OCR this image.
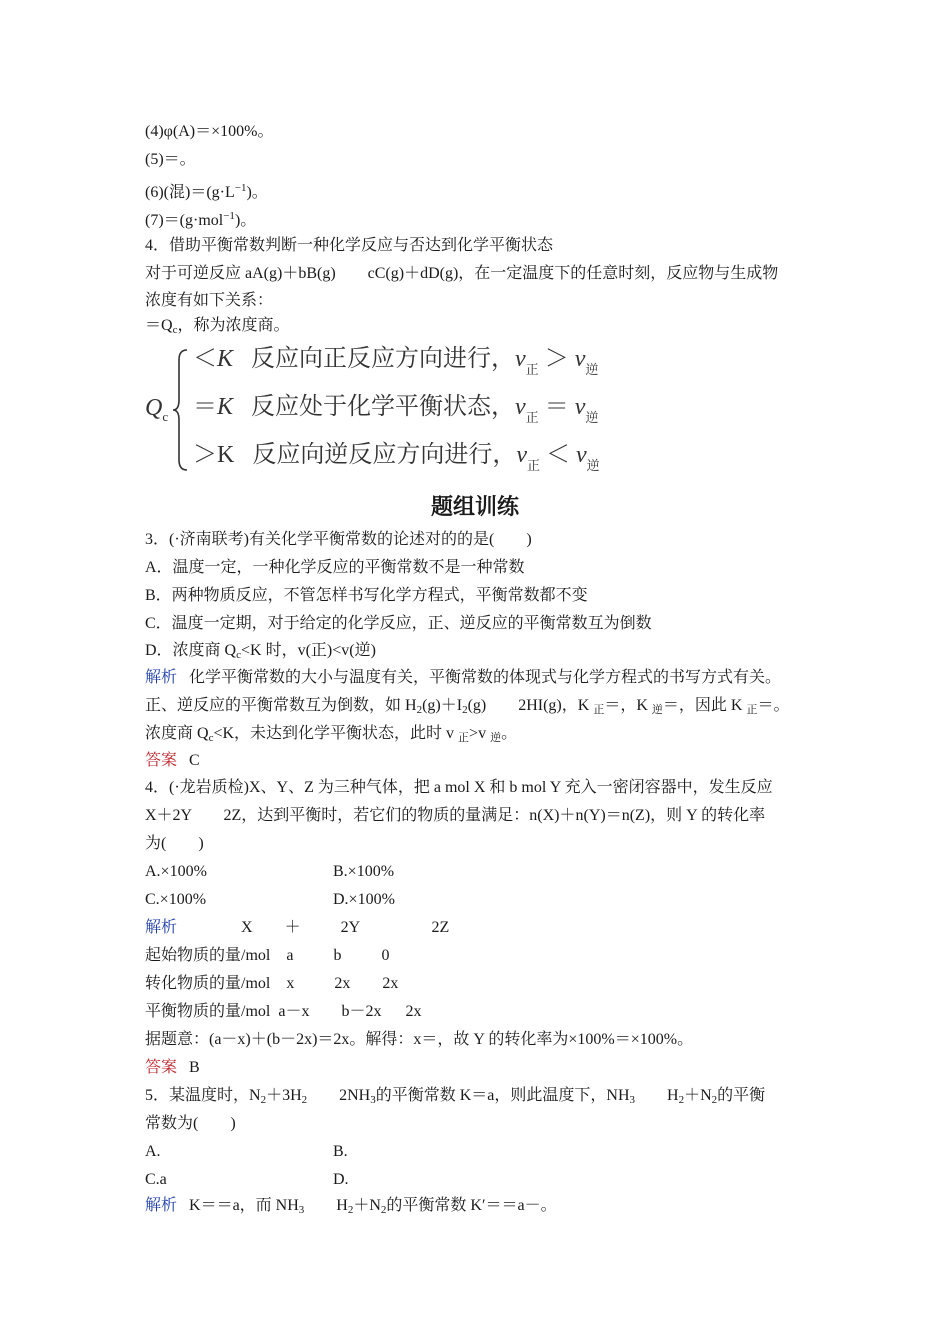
(4)φ(A)＝×100%。
(5)＝。
(6)(混)$=(g\cdot L^{-1})$。
(7)＝(g·mol$^{-1}$)。
4．借助平衡常数判断一种化学反应与否达到化学平衡状态
对于可逆反应 aA(g)＋bB(g)        cC(g)＋dD(g)，在一定温度下的任意时刻，反应物与生成物
浓度有如下关系：
$=Q_c$，称为浓度商。
$Q_c$
＜K   反应向正反应方向进行，$v_正 > v_逆$
＝K   反应处于化学平衡状态，$v_正 = v_逆$
＞K   反应向逆反应方向进行，$v_正 < v_逆$
题组训练
3．(·济南联考)有关化学平衡常数的论述对的的是(        )
A．温度一定，一种化学反应的平衡常数不是一种常数
B．两种物质反应，不管怎样书写化学方程式，平衡常数都不变
C．温度一定期，对于给定的化学反应，正、逆反应的平衡常数互为倒数
D．浓度商 $Q_c<K$ 时，v(正)<v(逆)
解析   化学平衡常数的大小与温度有关，平衡常数的体现式与化学方程式的书写方式有关。
正、逆反应的平衡常数互为倒数，如 $H_2(g)+I_2(g)$        2HI(g)，K $_正$＝，K $_逆$＝，因此 K $_正$＝。
浓度商 $Q_c<K$，未达到化学平衡状态，此时 v $_正$>v $_逆$。
答案   C
4．(·龙岩质检)X、Y、Z 为三种气体，把 a mol X 和 b mol Y 充入一密闭容器中，发生反应
X＋2Y        2Z，达到平衡时，若它们的物质的量满足：n(X)＋n(Y)＝n(Z)，则 Y 的转化率
为(        )
A.×100%	B.×100%
C.×100%	D.×100%
解析                X        ＋          2Y                  2Z
起始物质的量/mol    a          b          0
转化物质的量/mol    x          2x        2x
平衡物质的量/mol  a－x        b－2x      2x
据题意：(a－x)＋(b－2x)＝2x。解得：x＝，故 Y 的转化率为×100%＝×100%。
答案   B
5．某温度时，$N_2+3H_2$        $2NH_3$的平衡常数 K＝a，则此温度下，$NH_3$        $H_2+N_2$的平衡
常数为(        )
A.	B.
C.a	D.
解析   K＝＝a，而 $NH_3$        $H_2+N_2$的平衡常数 K′＝＝a－。
